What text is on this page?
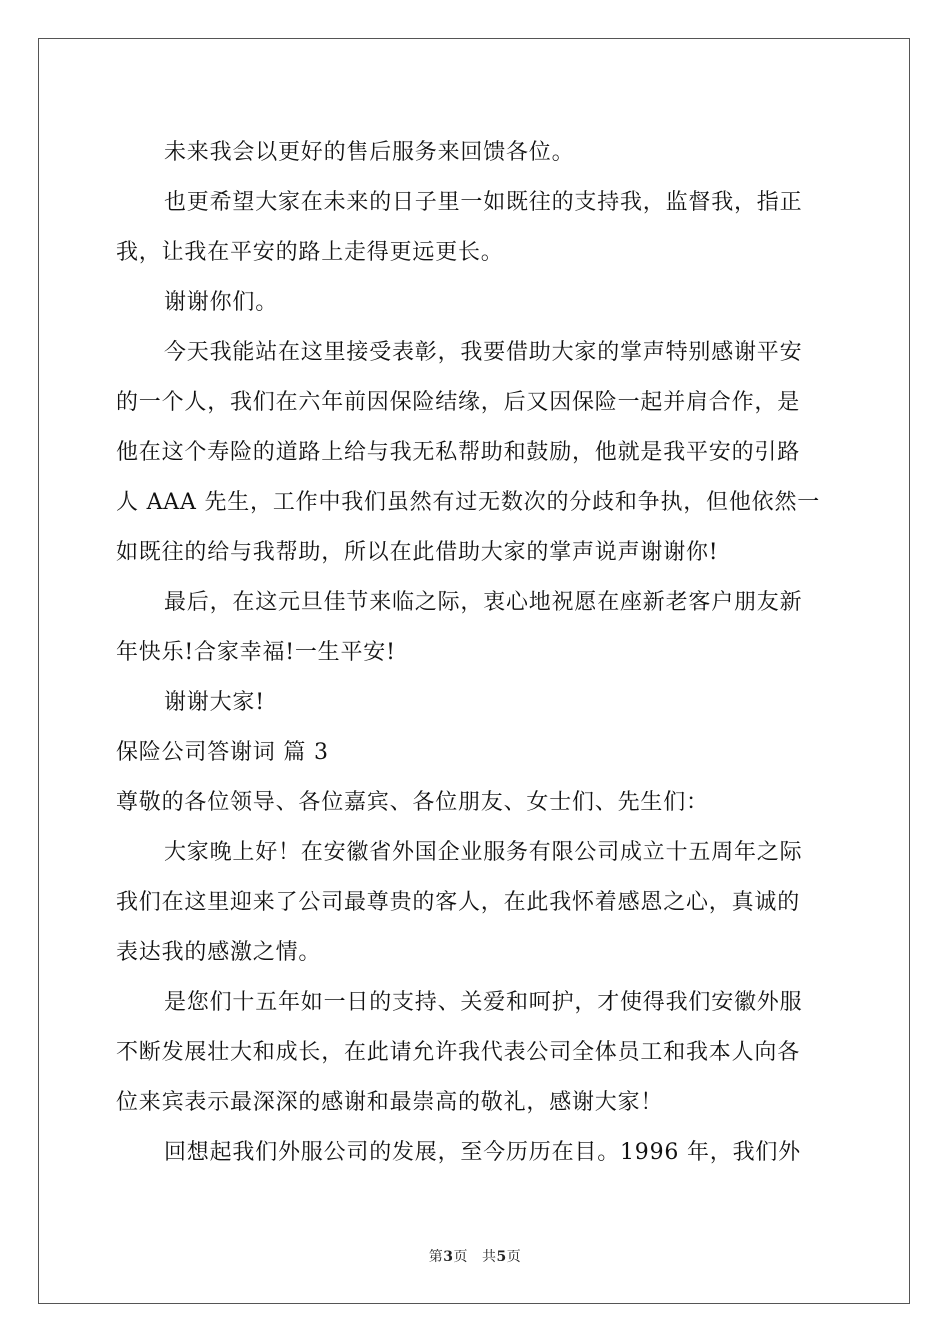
未来我会以更好的售后服务来回馈各位。
也更希望大家在未来的日子里一如既往的支持我，监督我，指正
我，让我在平安的路上走得更远更长。
谢谢你们。
今天我能站在这里接受表彰，我要借助大家的掌声特别感谢平安
的一个人，我们在六年前因保险结缘，后又因保险一起并肩合作，是
他在这个寿险的道路上给与我无私帮助和鼓励，他就是我平安的引路
人 AAA 先生，工作中我们虽然有过无数次的分歧和争执，但他依然一
如既往的给与我帮助，所以在此借助大家的掌声说声谢谢你!
最后，在这元旦佳节来临之际，衷心地祝愿在座新老客户朋友新
年快乐!合家幸福!一生平安!
谢谢大家!
保险公司答谢词 篇 3
尊敬的各位领导、各位嘉宾、各位朋友、女士们、先生们：
大家晚上好！在安徽省外国企业服务有限公司成立十五周年之际
我们在这里迎来了公司最尊贵的客人，在此我怀着感恩之心，真诚的
表达我的感激之情。
是您们十五年如一日的支持、关爱和呵护，才使得我们安徽外服
不断发展壮大和成长，在此请允许我代表公司全体员工和我本人向各
位来宾表示最深深的感谢和最崇高的敬礼，感谢大家！
回想起我们外服公司的发展，至今历历在目。1996 年，我们外
第3页 共5页
